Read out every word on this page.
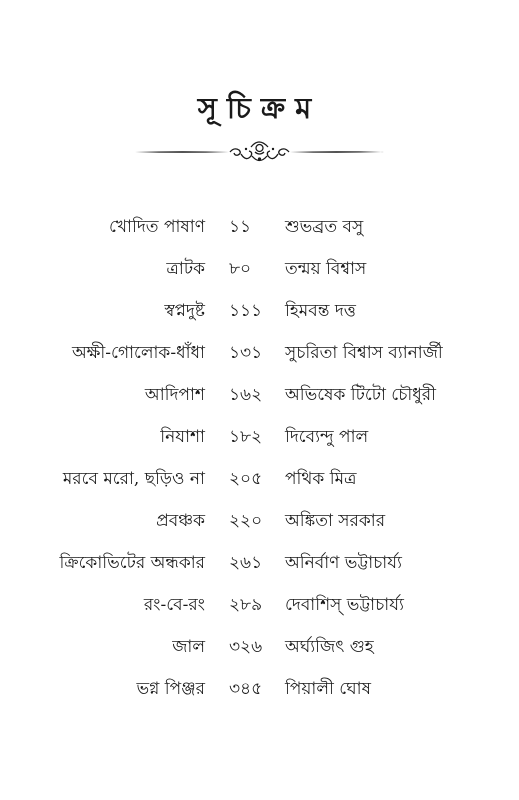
সূচিক্রম
খোদিত পাষাণ ১১	শুভব্রত বসু
ত্রাটক ৮০	তন্ময় বিশ্বাস
স্বপ্নদুষ্ট ১১১	হিমবন্ত দত্ত
অক্ষী-গোলোক-ধাঁধা ১৩১	সুচরিতা বিশ্বাস ব্যানার্জী
আদিপাশ ১৬২	অভিষেক টিটো চৌধুরী
নিযাশা ১৮২	দিব্যেন্দু পাল
মরবে মরো, ছড়িও না ২০৫	পথিক মিত্র
প্রবঞ্চক ২২০	অঙ্কিতা সরকার
ক্রিকোভিটের অন্ধকার ২৬১	অনির্বাণ ভট্টাচার্য্য
রং-বে-রং ২৮৯	দেবাশিস্ ভট্টাচার্য্য
জাল ৩২৬	অর্ঘ্যজিৎ গুহ
ভগ্ন পিঞ্জর ৩৪৫	পিয়ালী ঘোষ
